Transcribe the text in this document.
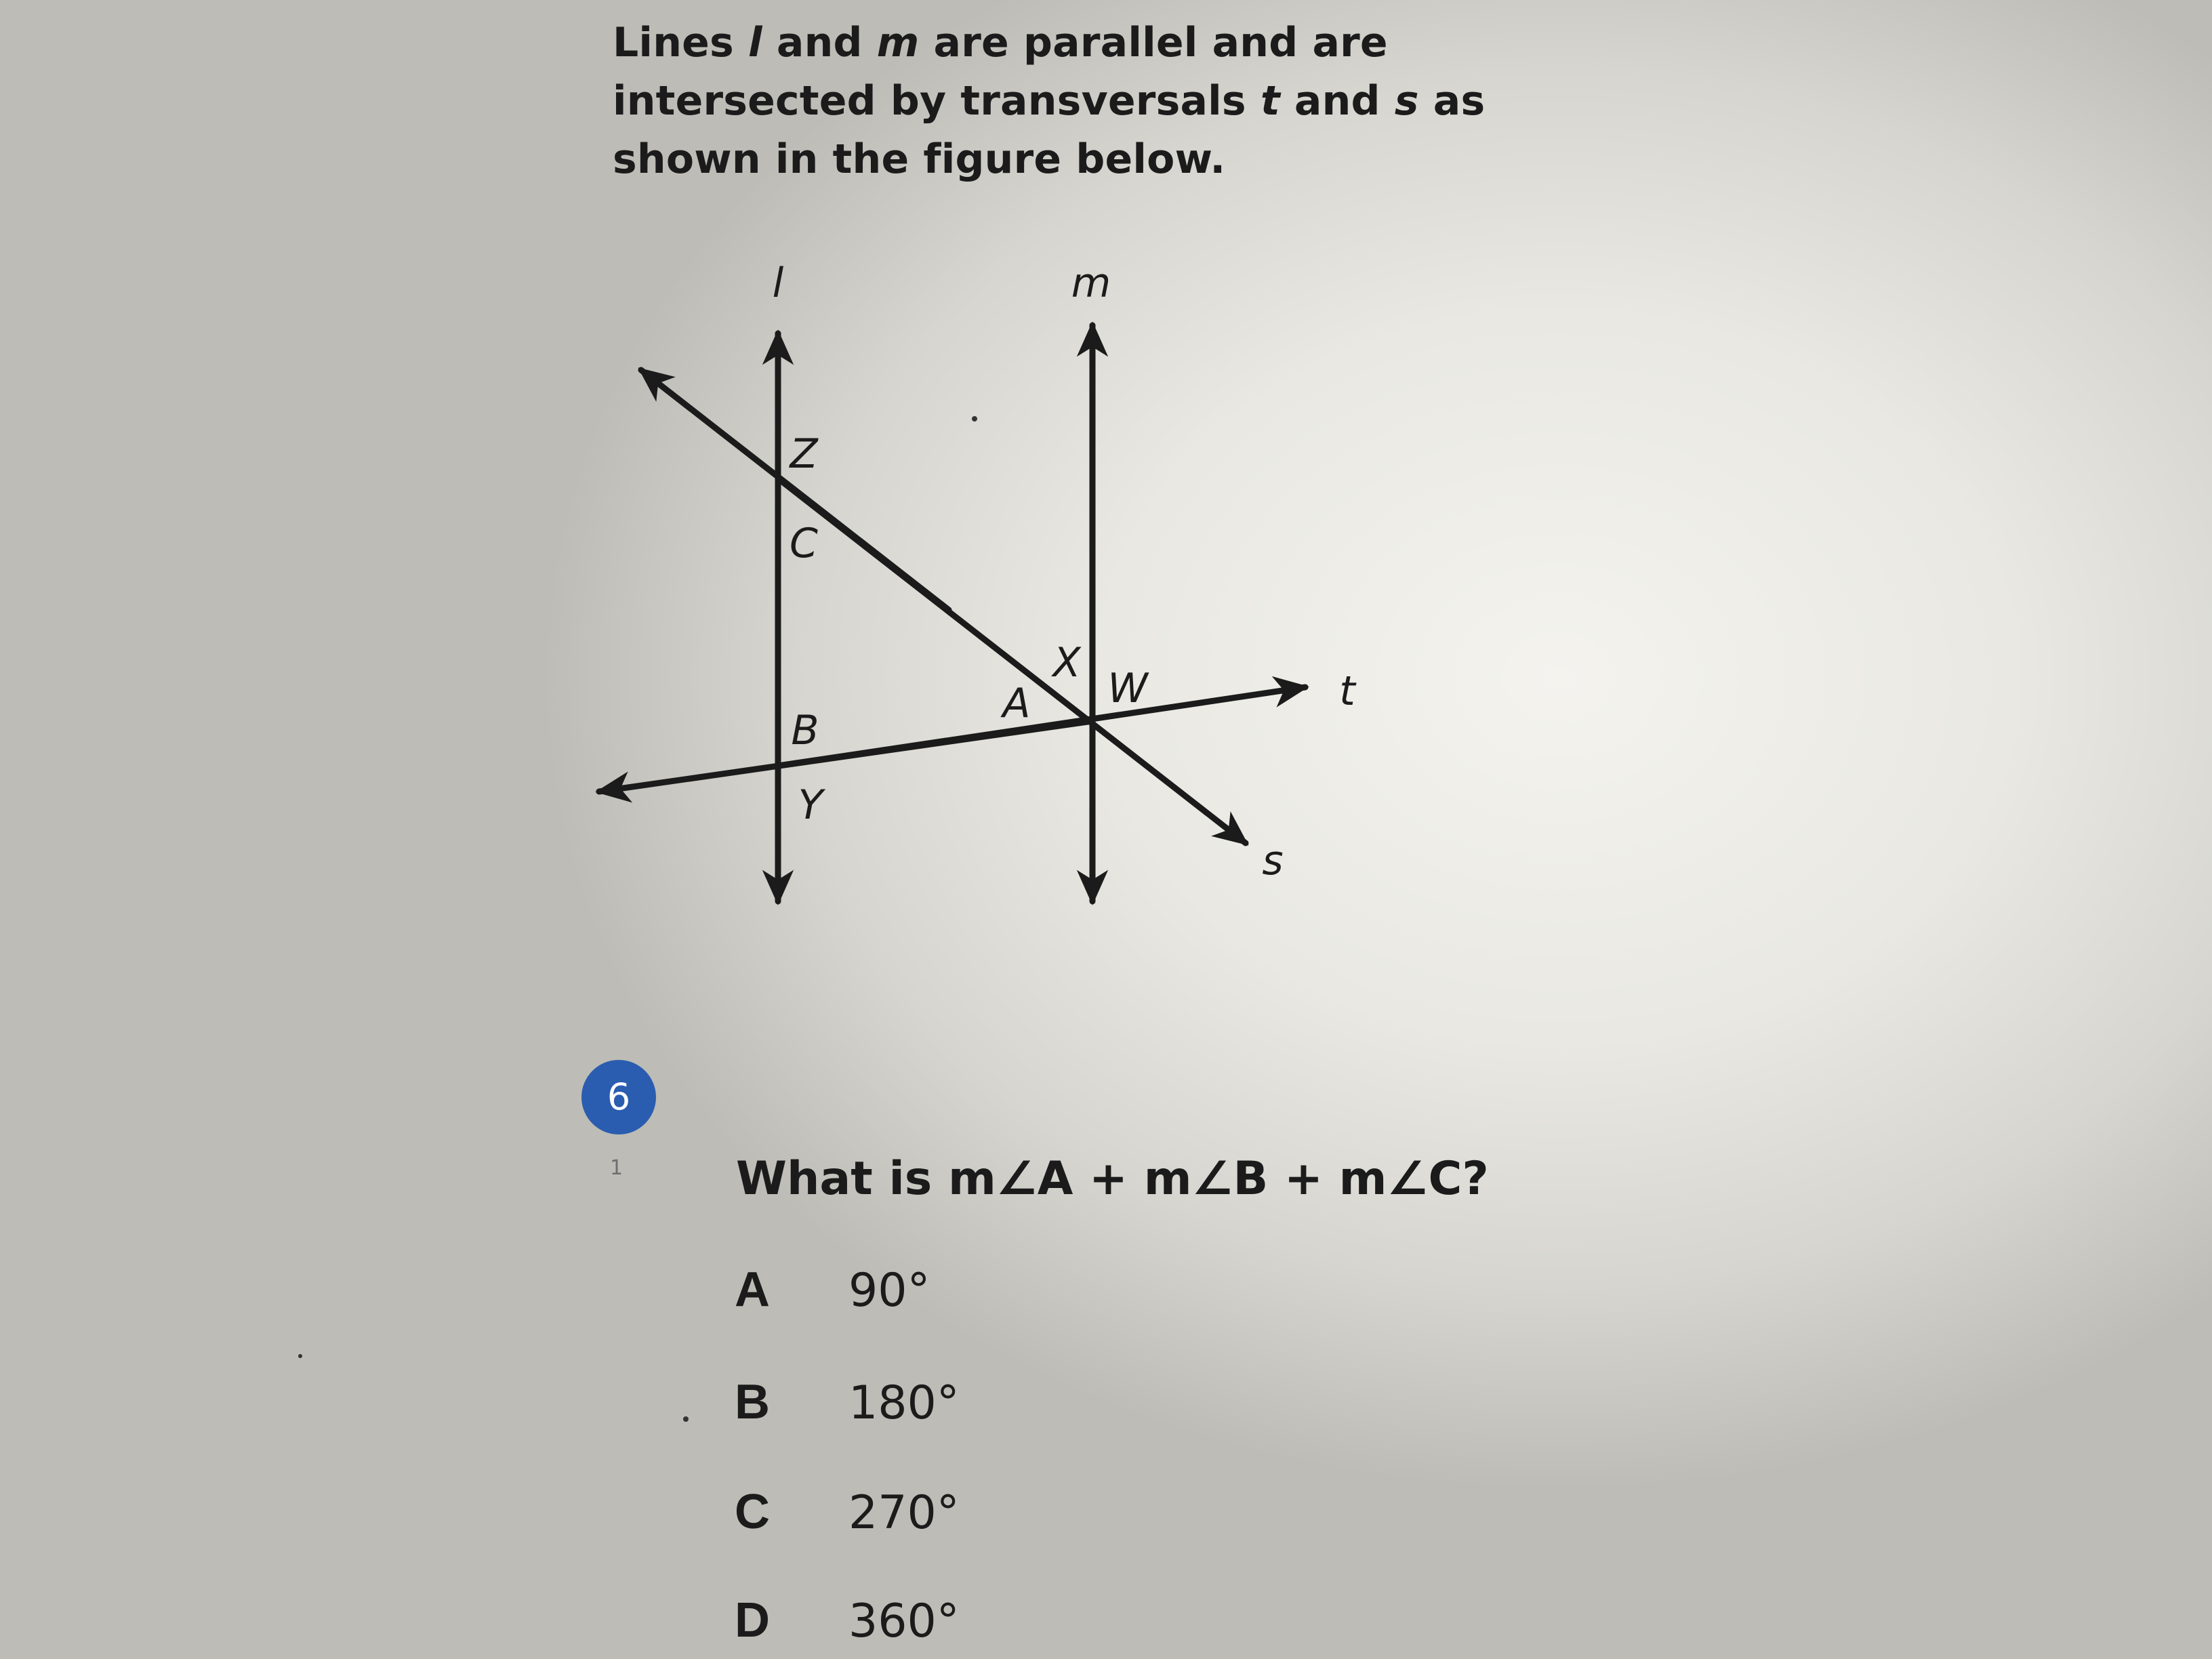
Lines l and m are parallel and are
intersected by transversals t and s as
shown in the figure below.
l	m
t
s
Z
C
B
Y
A
X
W
6
1 What is m∠A + m∠B + m∠C?
A 90°
B 180°
C 270°
D 360°
